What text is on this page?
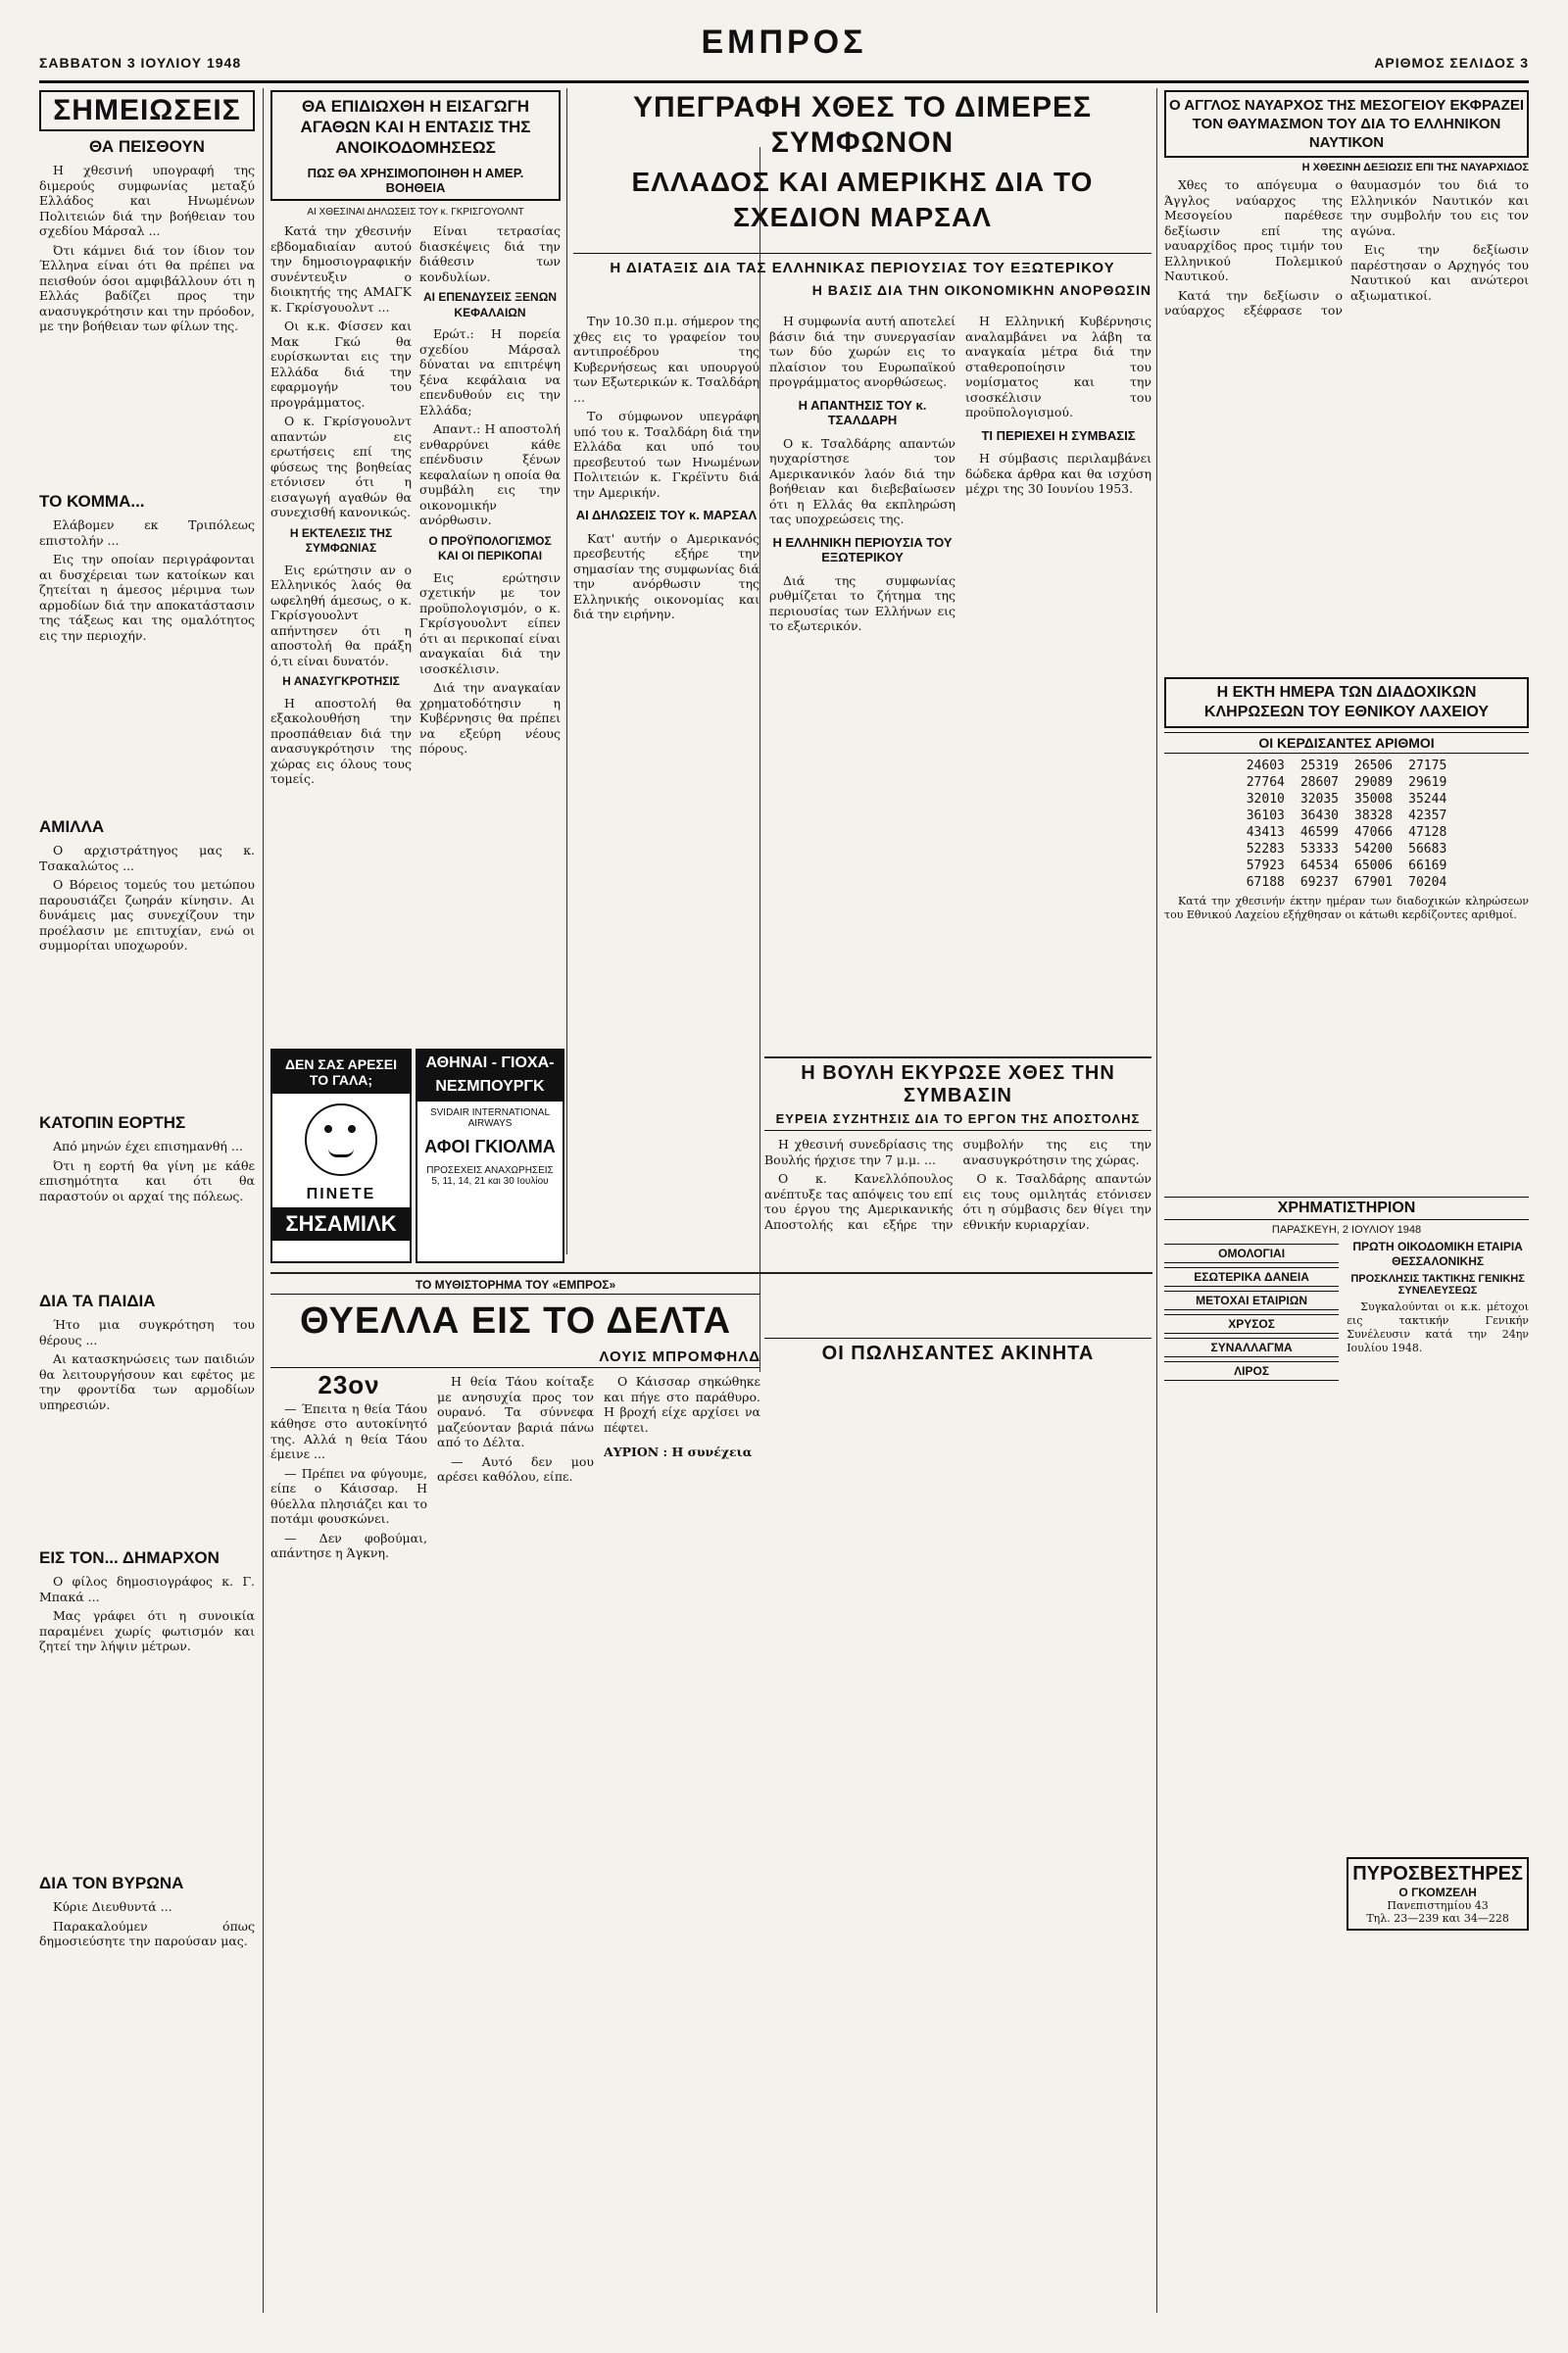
ΣΑΒΒΑΤΟΝ 3 ΙΟΥΛΙΟΥ 1948
ΕΜΠΡΟΣ
ΑΡΙΘΜΟΣ ΣΕΛΙΔΟΣ 3
ΣΗΜΕΙΩΣΕΙΣ
ΘΑ ΠΕΙΣΘΟΥΝ

Η χθεσινή υπογραφή της διμερούς συμφωνίας μεταξύ Ελλάδος και Ηνωμένων Πολιτειών διά την βοήθειαν του σχεδίου Μάρσαλ ...

Ότι κάμνει διά τον ίδιον τον Έλληνα είναι ότι θα πρέπει να πεισθούν όσοι αμφιβάλλουν ότι η Ελλάς βαδίζει προς την ανασυγκρότησιν και την πρόοδον, με την βοήθειαν των φίλων της.

ΤΟ ΚΟΜΜΑ...

Ελάβομεν εκ Τριπόλεως επιστολήν ...

Εις την οποίαν περιγράφονται αι δυσχέρειαι των κατοίκων και ζητείται η άμεσος μέριμνα των αρμοδίων διά την αποκατάστασιν της τάξεως και της ομαλότητος εις την περιοχήν.

ΑΜΙΛΛΑ

Ο αρχιστράτηγος μας κ. Τσακαλώτος ...

Ο Βόρειος τομεύς του μετώπου παρουσιάζει ζωηράν κίνησιν. Αι δυνάμεις μας συνεχίζουν την προέλασιν με επιτυχίαν, ενώ οι συμμορίται υποχωρούν.

ΚΑΤΟΠΙΝ ΕΟΡΤΗΣ

Από μηνών έχει επισημανθή ...

Ότι η εορτή θα γίνη με κάθε επισημότητα και ότι θα παραστούν οι αρχαί της πόλεως.

ΔΙΑ ΤΑ ΠΑΙΔΙΑ

Ήτο μια συγκρότηση του θέρους ...

Αι κατασκηνώσεις των παιδιών θα λειτουργήσουν και εφέτος με την φροντίδα των αρμοδίων υπηρεσιών.

ΕΙΣ ΤΟΝ... ΔΗΜΑΡΧΟΝ

Ο φίλος δημοσιογράφος κ. Γ. Μπακά ...

Μας γράφει ότι η συνοικία παραμένει χωρίς φωτισμόν και ζητεί την λήψιν μέτρων.

ΔΙΑ ΤΟΝ ΒΥΡΩΝΑ

Κύριε Διευθυντά ...

Παρακαλούμεν όπως δημοσιεύσητε την παρούσαν μας.

ΘΑ ΕΠΙΔΙΩΧΘΗ Η ΕΙΣΑΓΩΓΗ ΑΓΑΘΩΝ ΚΑΙ Η ΕΝΤΑΣΙΣ ΤΗΣ ΑΝΟΙΚΟΔΟΜΗΣΕΩΣ
ΠΩΣ ΘΑ ΧΡΗΣΙΜΟΠΟΙΗΘΗ Η ΑΜΕΡ. ΒΟΗΘΕΙΑ
ΑΙ ΧΘΕΣΙΝΑΙ ΔΗΛΩΣΕΙΣ ΤΟΥ κ. ΓΚΡΙΣΓΟΥΟΛΝΤ

Κατά την χθεσινήν εβδομαδιαίαν αυτού την δημοσιογραφικήν συνέντευξιν ο διοικητής της ΑΜΑΓΚ κ. Γκρίσγουολντ ...

Οι κ.κ. Φίσσεν και Μακ Γκώ θα ευρίσκωνται εις την Ελλάδα διά την εφαρμογήν του προγράμματος.

Ο κ. Γκρίσγουολντ απαντών εις ερωτήσεις επί της φύσεως της βοηθείας ετόνισεν ότι η εισαγωγή αγαθών θα συνεχισθή κανονικώς.

Η ΕΚΤΕΛΕΣΙΣ ΤΗΣ ΣΥΜΦΩΝΙΑΣ

Εις ερώτησιν αν ο Ελληνικός λαός θα ωφεληθή άμεσως, ο κ. Γκρίσγουολντ απήντησεν ότι η αποστολή θα πράξη ό,τι είναι δυνατόν.

Η ΑΝΑΣΥΓΚΡΟΤΗΣΙΣ

Η αποστολή θα εξακολουθήση την προσπάθειαν διά την ανασυγκρότησιν της χώρας εις όλους τους τομείς.

Είναι τετρασίας διασκέψεις διά την διάθεσιν των κονδυλίων.

ΑΙ ΕΠΕΝΔΥΣΕΙΣ ΞΕΝΩΝ ΚΕΦΑΛΑΙΩΝ

Ερώτ.: Η πορεία σχεδίου Μάρσαλ δύναται να επιτρέψη ξένα κεφάλαια να επενδυθούν εις την Ελλάδα;

Απαντ.: Η αποστολή ενθαρρύνει κάθε επένδυσιν ξένων κεφαλαίων η οποία θα συμβάλη εις την οικονομικήν ανόρθωσιν.

Ο ΠΡΟΫΠΟΛΟΓΙΣΜΟΣ ΚΑΙ ΟΙ ΠΕΡΙΚΟΠΑΙ

Εις ερώτησιν σχετικήν με τον προϋπολογισμόν, ο κ. Γκρίσγουολντ είπεν ότι αι περικοπαί είναι αναγκαίαι διά την ισοσκέλισιν.

Διά την αναγκαίαν χρηματοδότησιν η Κυβέρνησις θα πρέπει να εξεύρη νέους πόρους.

ΔΕΝ ΣΑΣ ΑΡΕΣΕΙ ΤΟ ΓΑΛΑ;
ΠΙΝΕΤΕ
ΣΗΣΑΜΙΛΚ
ΑΘΗΝΑΙ - ΓΙΟΧΑ-
ΝΕΣΜΠΟΥΡΓΚ
SVIDAIR INTERNATIONAL AIRWAYS
ΑΦΟΙ ΓΚΙΟΛΜΑ
ΠΡΟΣΕΧΕΙΣ ΑΝΑΧΩΡΗΣΕΙΣ 5, 11, 14, 21 και 30 Ιουλίου
ΥΠΕΓΡΑΦΗ ΧΘΕΣ ΤΟ ΔΙΜΕΡΕΣ ΣΥΜΦΩΝΟΝ
ΕΛΛΑΔΟΣ ΚΑΙ ΑΜΕΡΙΚΗΣ ΔΙΑ ΤΟ ΣΧΕΔΙΟΝ ΜΑΡΣΑΛ
Η ΔΙΑΤΑΞΙΣ ΔΙΑ ΤΑΣ ΕΛΛΗΝΙΚΑΣ ΠΕΡΙΟΥΣΙΑΣ ΤΟΥ ΕΞΩΤΕΡΙΚΟΥ
Η ΒΑΣΙΣ ΔΙΑ ΤΗΝ ΟΙΚΟΝΟΜΙΚΗΝ ΑΝΟΡΘΩΣΙΝ

Την 10.30 π.μ. σήμερον της χθες εις το γραφείον του αντιπροέδρου της Κυβερνήσεως και υπουργού των Εξωτερικών κ. Τσαλδάρη ...

Το σύμφωνον υπεγράφη υπό του κ. Τσαλδάρη διά την Ελλάδα και υπό του πρεσβευτού των Ηνωμένων Πολιτειών κ. Γκρέϊντυ διά την Αμερικήν.

ΑΙ ΔΗΛΩΣΕΙΣ ΤΟΥ κ. ΜΑΡΣΑΛ

Κατ' αυτήν ο Αμερικανός πρεσβευτής εξήρε την σημασίαν της συμφωνίας διά την ανόρθωσιν της Ελληνικής οικονομίας και διά την ειρήνην.

Η συμφωνία αυτή αποτελεί βάσιν διά την συνεργασίαν των δύο χωρών εις το πλαίσιον του Ευρωπαϊκού προγράμματος ανορθώσεως.

Η ΑΠΑΝΤΗΣΙΣ ΤΟΥ κ. ΤΣΑΛΔΑΡΗ

Ο κ. Τσαλδάρης απαντών ηυχαρίστησε τον Αμερικανικόν λαόν διά την βοήθειαν και διεβεβαίωσεν ότι η Ελλάς θα εκπληρώση τας υποχρεώσεις της.

Η ΕΛΛΗΝΙΚΗ ΠΕΡΙΟΥΣΙΑ ΤΟΥ ΕΞΩΤΕΡΙΚΟΥ

Διά της συμφωνίας ρυθμίζεται το ζήτημα της περιουσίας των Ελλήνων εις το εξωτερικόν.

Η Ελληνική Κυβέρνησις αναλαμβάνει να λάβη τα αναγκαία μέτρα διά την σταθεροποίησιν του νομίσματος και την ισοσκέλισιν του προϋπολογισμού.

ΤΙ ΠΕΡΙΕΧΕΙ Η ΣΥΜΒΑΣΙΣ

Η σύμβασις περιλαμβάνει δώδεκα άρθρα και θα ισχύση μέχρι της 30 Ιουνίου 1953.

Η ΒΟΥΛΗ ΕΚΥΡΩΣΕ ΧΘΕΣ ΤΗΝ ΣΥΜΒΑΣΙΝ
ΕΥΡΕΙΑ ΣΥΖΗΤΗΣΙΣ ΔΙΑ ΤΟ ΕΡΓΟΝ ΤΗΣ ΑΠΟΣΤΟΛΗΣ

Η χθεσινή συνεδρίασις της Βουλής ήρχισε την 7 μ.μ. ...

Ο κ. Κανελλόπουλος ανέπτυξε τας απόψεις του επί του έργου της Αμερικανικής Αποστολής και εξήρε την συμβολήν της εις την ανασυγκρότησιν της χώρας.

Ο κ. Τσαλδάρης απαντών εις τους ομιλητάς ετόνισεν ότι η σύμβασις δεν θίγει την εθνικήν κυριαρχίαν.

ΟΙ ΠΩΛΗΣΑΝΤΕΣ ΑΚΙΝΗΤΑ
ΤΟ ΜΥΘΙΣΤΟΡΗΜΑ ΤΟΥ «ΕΜΠΡΟΣ»
ΘΥΕΛΛΑ ΕΙΣ ΤΟ ΔΕΛΤΑ
ΛΟΥΙΣ ΜΠΡΟΜΦΗΛΔ
23ον

— Έπειτα η θεία Τάου κάθησε στο αυτοκίνητό της. Αλλά η θεία Τάου έμεινε ...

— Πρέπει να φύγουμε, είπε ο Κάισσαρ. Η θύελλα πλησιάζει και το ποτάμι φουσκώνει.

— Δεν φοβούμαι, απάντησε η Άγκνη.

Η θεία Τάου κοίταξε με ανησυχία προς τον ουρανό. Τα σύννεφα μαζεύονταν βαριά πάνω από το Δέλτα.

— Αυτό δεν μου αρέσει καθόλου, είπε.

Ο Κάισσαρ σηκώθηκε και πήγε στο παράθυρο. Η βροχή είχε αρχίσει να πέφτει.

ΑΥΡΙΟΝ : Η συνέχεια

Ο ΑΓΓΛΟΣ ΝΑΥΑΡΧΟΣ ΤΗΣ ΜΕΣΟΓΕΙΟΥ ΕΚΦΡΑΖΕΙ ΤΟΝ ΘΑΥΜΑΣΜΟΝ ΤΟΥ ΔΙΑ ΤΟ ΕΛΛΗΝΙΚΟΝ ΝΑΥΤΙΚΟΝ
Η ΧΘΕΣΙΝΗ ΔΕΞΙΩΣΙΣ ΕΠΙ ΤΗΣ ΝΑΥΑΡΧΙΔΟΣ

Χθες το απόγευμα ο Άγγλος ναύαρχος της Μεσογείου παρέθεσε δεξίωσιν επί της ναυαρχίδος προς τιμήν του Ελληνικού Πολεμικού Ναυτικού.

Κατά την δεξίωσιν ο ναύαρχος εξέφρασε τον θαυμασμόν του διά το Ελληνικόν Ναυτικόν και την συμβολήν του εις τον αγώνα.

Εις την δεξίωσιν παρέστησαν ο Αρχηγός του Ναυτικού και ανώτεροι αξιωματικοί.

Η ΕΚΤΗ ΗΜΕΡΑ ΤΩΝ ΔΙΑΔΟΧΙΚΩΝ ΚΛΗΡΩΣΕΩΝ ΤΟΥ ΕΘΝΙΚΟΥ ΛΑΧΕΙΟΥ
ΟΙ ΚΕΡΔΙΣΑΝΤΕΣ ΑΡΙΘΜΟΙ
24603	25319	26506	27175
27764	28607	29089	29619
32010	32035	35008	35244
36103	36430	38328	42357
43413	46599	47066	47128
52283	53333	54200	56683
57923	64534	65006	66169
67188	69237	67901	70204

Κατά την χθεσινήν έκτην ημέραν των διαδοχικών κληρώσεων του Εθνικού Λαχείου εξήχθησαν οι κάτωθι κερδίζοντες αριθμοί.

ΧΡΗΜΑΤΙΣΤΗΡΙΟΝ
ΠΑΡΑΣΚΕΥΗ, 2 ΙΟΥΛΙΟΥ 1948
ΟΜΟΛΟΓΙΑΙ
ΕΣΩΤΕΡΙΚΑ ΔΑΝΕΙΑ
ΜΕΤΟΧΑΙ ΕΤΑΙΡΙΩΝ
ΧΡΥΣΟΣ
ΣΥΝΑΛΛΑΓΜΑ
ΛΙΡΟΣ
ΠΡΩΤΗ ΟΙΚΟΔΟΜΙΚΗ ΕΤΑΙΡΙΑ ΘΕΣΣΑΛΟΝΙΚΗΣ
ΠΡΟΣΚΛΗΣΙΣ ΤΑΚΤΙΚΗΣ ΓΕΝΙΚΗΣ ΣΥΝΕΛΕΥΣΕΩΣ

Συγκαλούνται οι κ.κ. μέτοχοι εις τακτικήν Γενικήν Συνέλευσιν κατά την 24ην Ιουλίου 1948.

ΠΥΡΟΣΒΕΣΤΗΡΕΣ
Ο ΓΚΟΜΖΕΛΗ
Πανεπιστημίου 43
Τηλ. 23—239 και 34—228
